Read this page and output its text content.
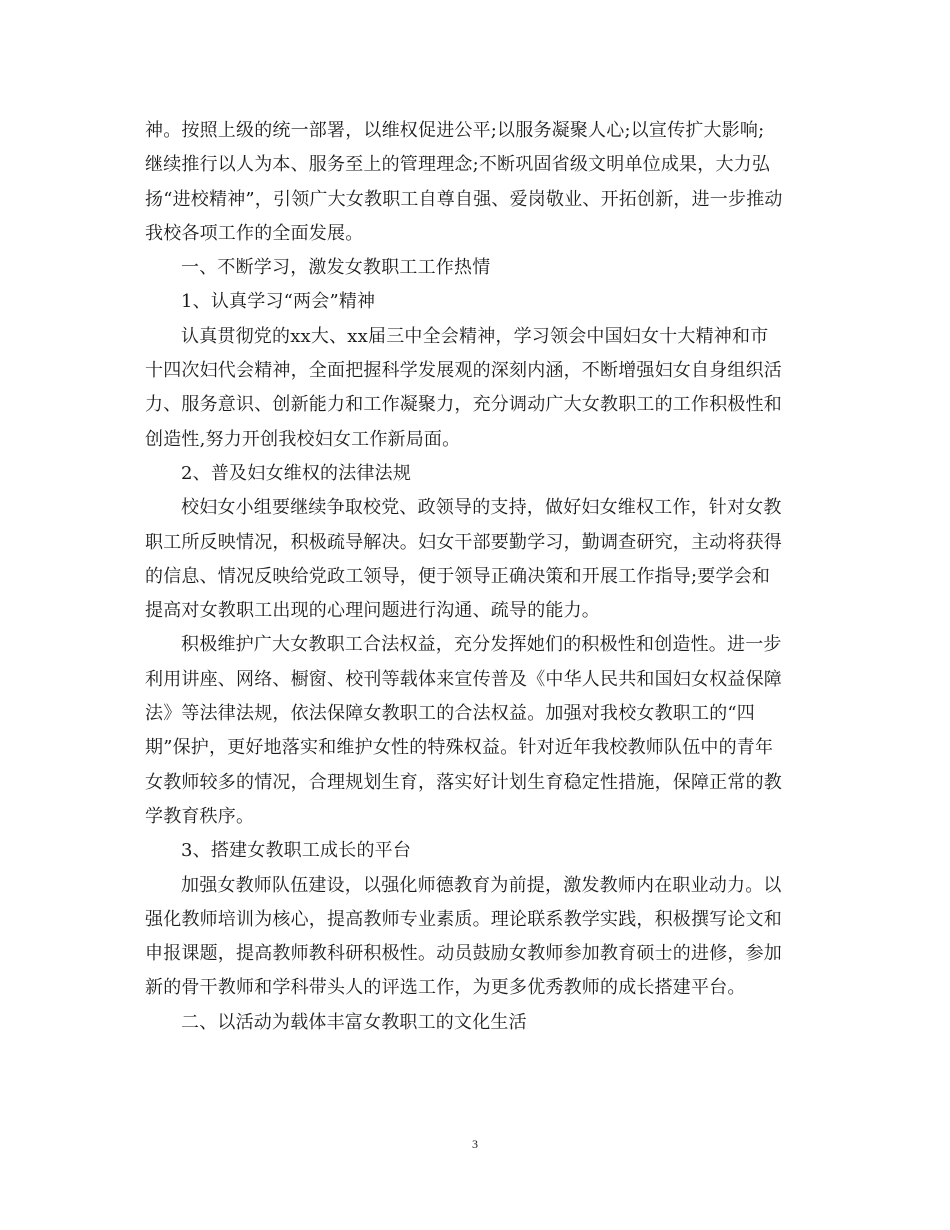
神。按照上级的统一部署，以维权促进公平;以服务凝聚人心;以宣传扩大影响;
继续推行以人为本、服务至上的管理理念;不断巩固省级文明单位成果，大力弘
扬“进校精神”，引领广大女教职工自尊自强、爱岗敬业、开拓创新，进一步推动
我校各项工作的全面发展。
一、不断学习，激发女教职工工作热情
1、认真学习“两会”精神
认真贯彻党的xx大、xx届三中全会精神，学习领会中国妇女十大精神和市
十四次妇代会精神，全面把握科学发展观的深刻内涵，不断增强妇女自身组织活
力、服务意识、创新能力和工作凝聚力，充分调动广大女教职工的工作积极性和
创造性,努力开创我校妇女工作新局面。
2、普及妇女维权的法律法规
校妇女小组要继续争取校党、政领导的支持，做好妇女维权工作，针对女教
职工所反映情况，积极疏导解决。妇女干部要勤学习，勤调查研究，主动将获得
的信息、情况反映给党政工领导，便于领导正确决策和开展工作指导;要学会和
提高对女教职工出现的心理问题进行沟通、疏导的能力。
积极维护广大女教职工合法权益，充分发挥她们的积极性和创造性。进一步
利用讲座、网络、橱窗、校刊等载体来宣传普及《中华人民共和国妇女权益保障
法》等法律法规，依法保障女教职工的合法权益。加强对我校女教职工的“四
期”保护，更好地落实和维护女性的特殊权益。针对近年我校教师队伍中的青年
女教师较多的情况，合理规划生育，落实好计划生育稳定性措施，保障正常的教
学教育秩序。
3、搭建女教职工成长的平台
加强女教师队伍建设，以强化师德教育为前提，激发教师内在职业动力。以
强化教师培训为核心，提高教师专业素质。理论联系教学实践，积极撰写论文和
申报课题，提高教师教科研积极性。动员鼓励女教师参加教育硕士的进修，参加
新的骨干教师和学科带头人的评选工作，为更多优秀教师的成长搭建平台。
二、以活动为载体丰富女教职工的文化生活
3
